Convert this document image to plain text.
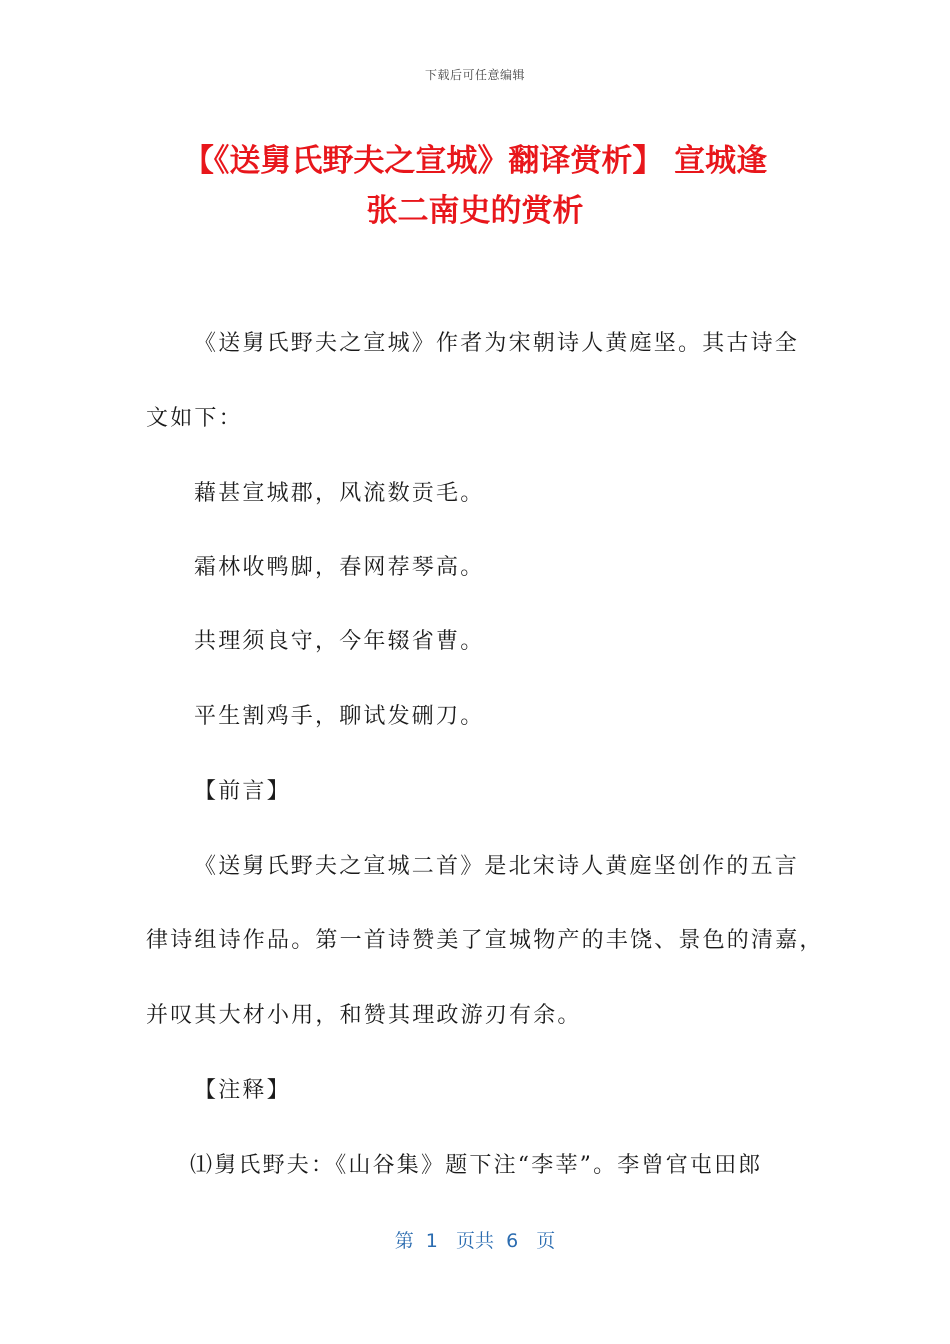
下载后可任意编辑
【《送舅氏野夫之宣城》翻译赏析】 宣城逢
张二南史的赏析
《送舅氏野夫之宣城》作者为宋朝诗人黄庭坚。其古诗全
文如下：
藉甚宣城郡，风流数贡毛。
霜林收鸭脚，春网荐琴高。
共理须良守，今年辍省曹。
平生割鸡手，聊试发硎刀。
【前言】
《送舅氏野夫之宣城二首》是北宋诗人黄庭坚创作的五言
律诗组诗作品。第一首诗赞美了宣城物产的丰饶、景色的清嘉，
并叹其大材小用，和赞其理政游刃有余。
【注释】
⑴舅氏野夫：《山谷集》题下注“李莘”。李曾官屯田郎
第  1   页共  6   页
